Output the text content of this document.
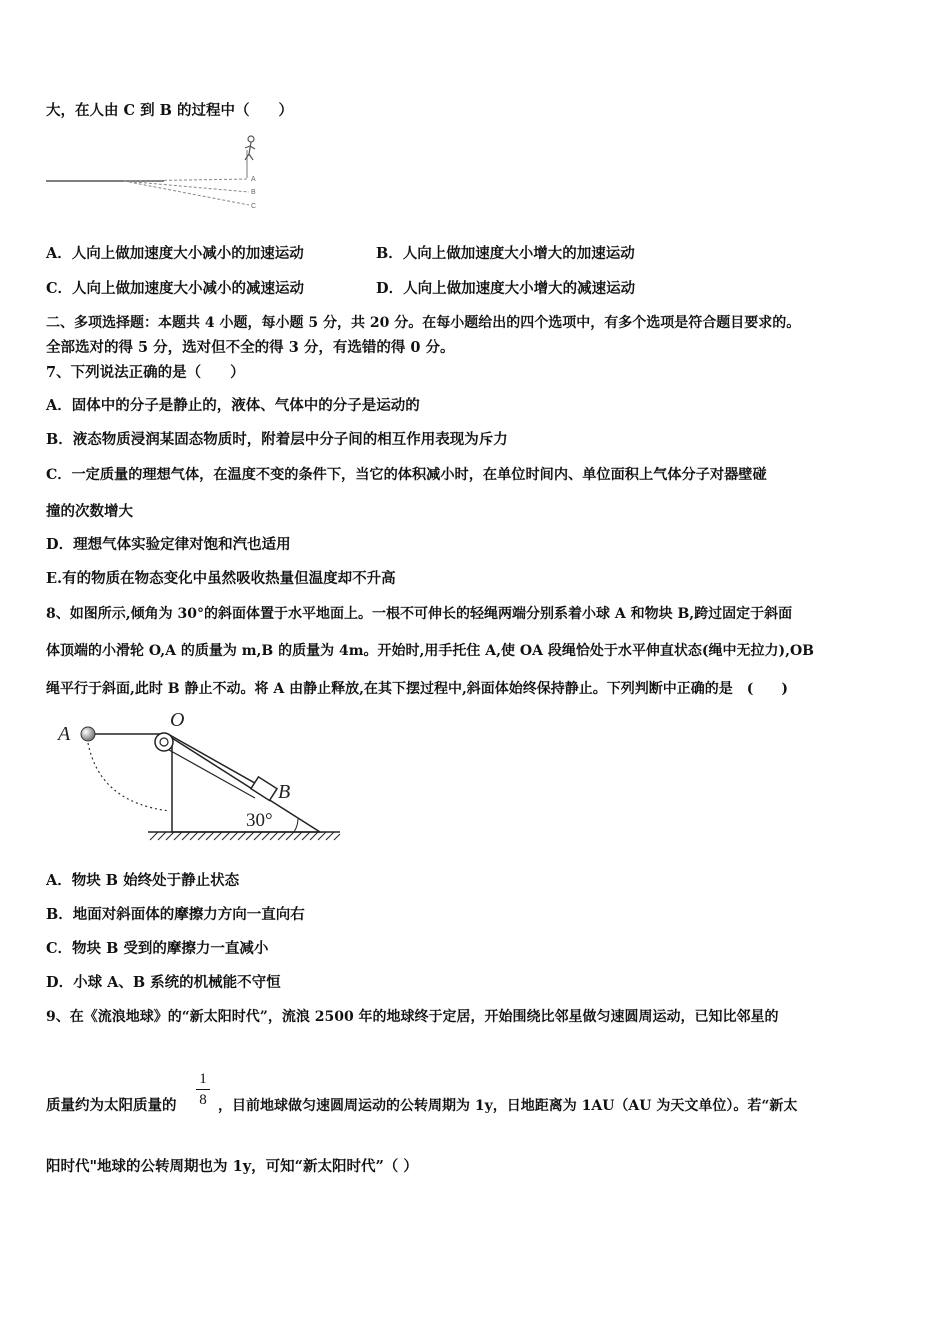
大，在人由 C 到 B 的过程中（　　）
A
B
C
A．人向上做加速度大小减小的加速运动	B．人向上做加速度大小增大的加速运动
C．人向上做加速度大小减小的减速运动	D．人向上做加速度大小增大的减速运动
二、多项选择题：本题共 4 小题，每小题 5 分，共 20 分。在每小题给出的四个选项中，有多个选项是符合题目要求的。
全部选对的得 5 分，选对但不全的得 3 分，有选错的得 0 分。
7、下列说法正确的是（　　）
A．固体中的分子是静止的，液体、气体中的分子是运动的
B．液态物质浸润某固态物质时，附着层中分子间的相互作用表现为斥力
C．一定质量的理想气体，在温度不变的条件下，当它的体积减小时，在单位时间内、单位面积上气体分子对器壁碰
撞的次数增大
D．理想气体实验定律对饱和汽也适用
E.有的物质在物态变化中虽然吸收热量但温度却不升高
8、如图所示,倾角为 30°的斜面体置于水平地面上。一根不可伸长的轻绳两端分别系着小球 A 和物块 B,跨过固定于斜面
体顶端的小滑轮 O,A 的质量为 m,B 的质量为 4m。开始时,用手托住 A,使 OA 段绳恰处于水平伸直状态(绳中无拉力),OB
绳平行于斜面,此时 B 静止不动。将 A 由静止释放,在其下摆过程中,斜面体始终保持静止。下列判断中正确的是　(　　)
A
O
B
30°
A．物块 B 始终处于静止状态
B．地面对斜面体的摩擦力方向一直向右
C．物块 B 受到的摩擦力一直减小
D．小球 A、B 系统的机械能不守恒
9、在《流浪地球》的“新太阳时代”，流浪 2500 年的地球终于定居，开始围绕比邻星做匀速圆周运动，已知比邻星的
质量约为太阳质量的
1
8 ，目前地球做匀速圆周运动的公转周期为 1y，日地距离为 1AU（AU 为天文单位）。若“新太
阳时代"地球的公转周期也为 1y，可知“新太阳时代”（ ）
